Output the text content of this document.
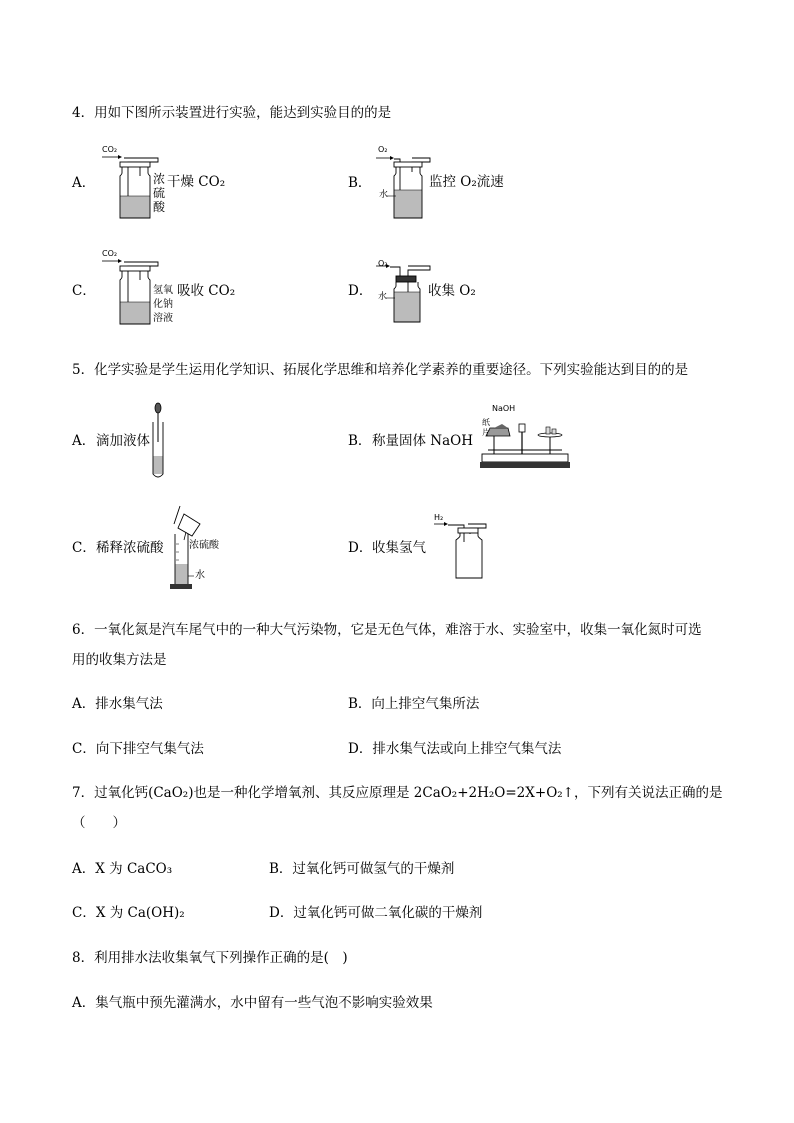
4．用如下图所示装置进行实验，能达到实验目的的是
A．	浓
硫
酸
干燥 CO₂
CO₂
B．
O₂
水
监控 O₂流速
C．
CO₂
氢氧
化钠
溶液
吸收 CO₂	D．
O₂
水	收集 O₂
5．化学实验是学生运用化学知识、拓展化学思维和培养化学素养的重要途径。下列实验能达到目的的是
A． 滴加液体	B． 称量固体 NaOH
NaOH
纸
片
C． 稀释浓硫酸	浓硫酸
水
D． 收集氢气
H₂
6．一氧化氮是汽车尾气中的一种大气污染物，它是无色气体，难溶于水、实验室中，收集一氧化氮时可选
用的收集方法是
A．排水集气法	B．向上排空气集所法
C．向下排空气集气法	D．排水集气法或向上排空气集气法
7．过氧化钙(CaO₂)也是一种化学增氧剂、其反应原理是 2CaO₂+2H₂O=2X+O₂↑，下列有关说法正确的是
（　　）
A．X 为 CaCO₃	B．过氧化钙可做氢气的干燥剂
C．X 为 Ca(OH)₂	D．过氧化钙可做二氧化碳的干燥剂
8．利用排水法收集氧气下列操作正确的是(　)
A．集气瓶中预先灌满水，水中留有一些气泡不影响实验效果
